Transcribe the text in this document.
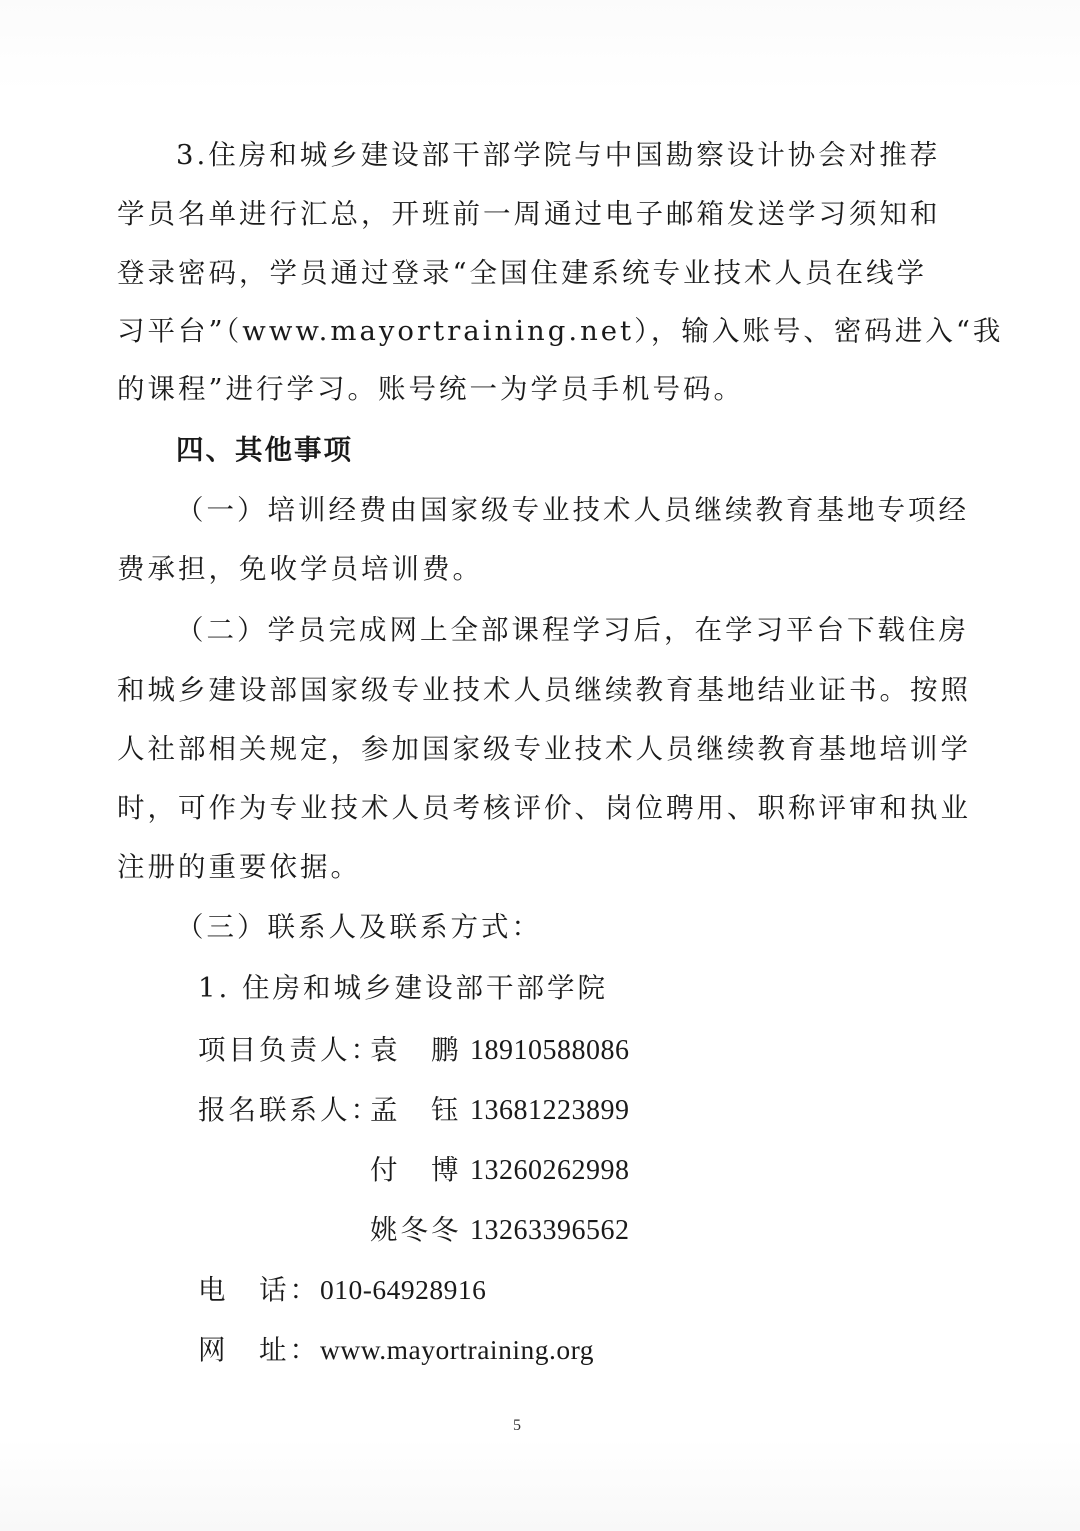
3.住房和城乡建设部干部学院与中国勘察设计协会对推荐

学员名单进行汇总，开班前一周通过电子邮箱发送学习须知和

登录密码，学员通过登录“全国住建系统专业技术人员在线学

习平台”（www.mayortraining.net），输入账号、密码进入“我

的课程”进行学习。账号统一为学员手机号码。

四、其他事项

（一）培训经费由国家级专业技术人员继续教育基地专项经

费承担，免收学员培训费。

（二）学员完成网上全部课程学习后，在学习平台下载住房

和城乡建设部国家级专业技术人员继续教育基地结业证书。按照

人社部相关规定，参加国家级专业技术人员继续教育基地培训学

时，可作为专业技术人员考核评价、岗位聘用、职称评审和执业

注册的重要依据。

（三）联系人及联系方式：

1. 住房和城乡建设部干部学院

项目负责人：袁　鹏 18910588086
报名联系人：孟　钰 13681223899
付　博 13260262998
姚冬冬 13263396562
电　话：010-64928916
网　址：www.mayortraining.org
5
